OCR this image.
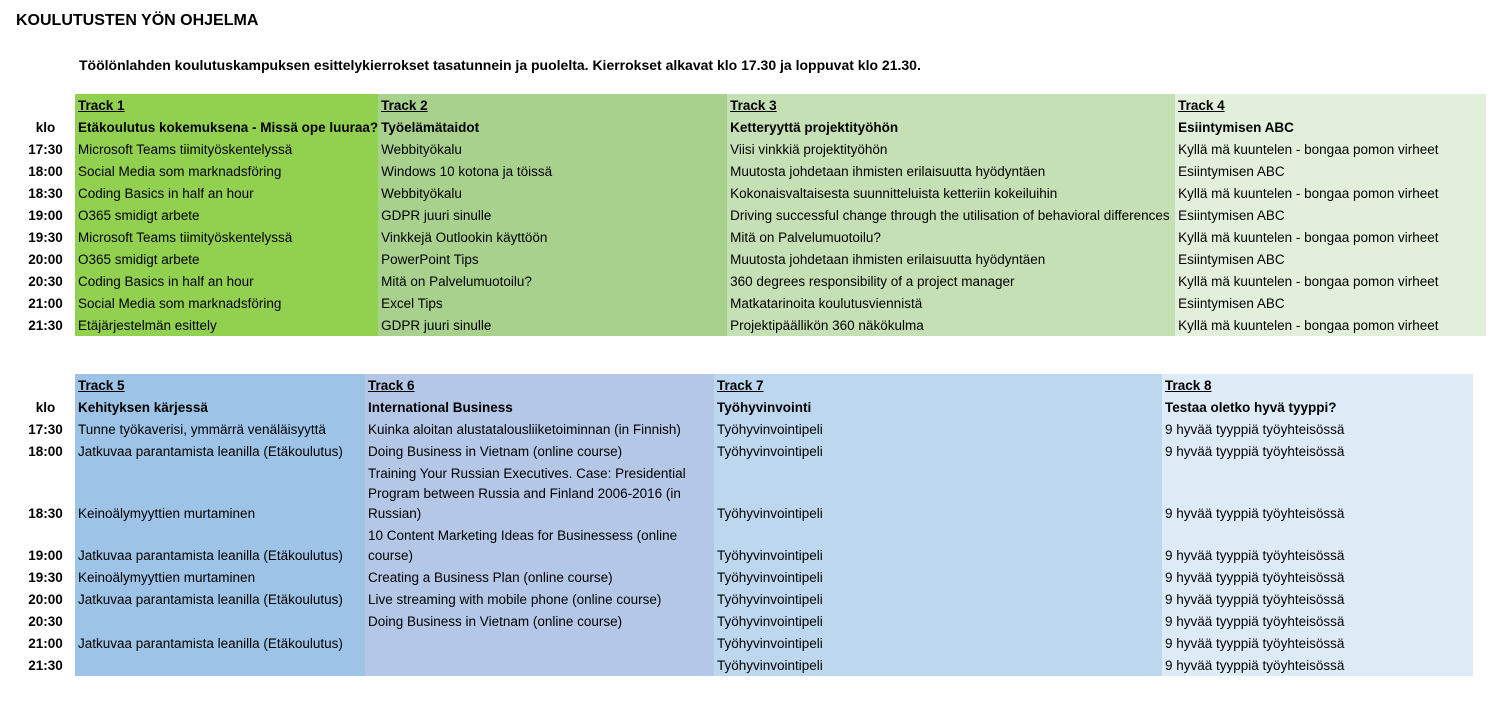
KOULUTUSTEN YÖN OHJELMA
Töölönlahden koulutuskampuksen esittelykierrokset tasatunnein ja puolelta. Kierrokset alkavat klo 17.30 ja loppuvat klo 21.30.
	Track 1	Track 2	Track 3	Track 4
klo	Etäkoulutus kokemuksena - Missä ope luuraa?	Työelämätaidot	Ketteryyttä projektityöhön	Esiintymisen ABC
17:30	Microsoft Teams tiimityöskentelyssä	Webbityökalu	Viisi vinkkiä projektityöhön	Kyllä mä kuuntelen - bongaa pomon virheet
18:00	Social Media som marknadsföring	Windows 10 kotona ja töissä	Muutosta johdetaan ihmisten erilaisuutta hyödyntäen	Esiintymisen ABC
18:30	Coding Basics in half an hour	Webbityökalu	Kokonaisvaltaisesta suunnitteluista ketteriin kokeiluihin	Kyllä mä kuuntelen - bongaa pomon virheet
19:00	O365 smidigt arbete	GDPR juuri sinulle	Driving successful change through the utilisation of behavioral differences	Esiintymisen ABC
19:30	Microsoft Teams tiimityöskentelyssä	Vinkkejä Outlookin käyttöön	Mitä on Palvelumuotoilu?	Kyllä mä kuuntelen - bongaa pomon virheet
20:00	O365 smidigt arbete	PowerPoint Tips	Muutosta johdetaan ihmisten erilaisuutta hyödyntäen	Esiintymisen ABC
20:30	Coding Basics in half an hour	Mitä on Palvelumuotoilu?	360 degrees responsibility of a project manager	Kyllä mä kuuntelen - bongaa pomon virheet
21:00	Social Media som marknadsföring	Excel Tips	Matkatarinoita koulutusviennistä	Esiintymisen ABC
21:30	Etäjärjestelmän esittely	GDPR juuri sinulle	Projektipäällikön 360 näkökulma	Kyllä mä kuuntelen - bongaa pomon virheet
	Track 5	Track 6	Track 7	Track 8
klo	Kehityksen kärjessä	International Business	Työhyvinvointi	Testaa oletko hyvä tyyppi?
17:30	Tunne työkaverisi, ymmärrä venäläisyyttä	Kuinka aloitan alustatalousliiketoiminnan (in Finnish)	Työhyvinvointipeli	9 hyvää tyyppiä työyhteisössä
18:00	Jatkuvaa parantamista leanilla (Etäkoulutus)	Doing Business in Vietnam (online course)	Työhyvinvointipeli	9 hyvää tyyppiä työyhteisössä
18:30	Keinoälymyyttien murtaminen	Training Your Russian Executives. Case: Presidential Program between Russia and Finland 2006-2016 (in Russian)	Työhyvinvointipeli	9 hyvää tyyppiä työyhteisössä
19:00	Jatkuvaa parantamista leanilla (Etäkoulutus)	10 Content Marketing Ideas for Businessess (online course)	Työhyvinvointipeli	9 hyvää tyyppiä työyhteisössä
19:30	Keinoälymyyttien murtaminen	Creating a Business Plan (online course)	Työhyvinvointipeli	9 hyvää tyyppiä työyhteisössä
20:00	Jatkuvaa parantamista leanilla (Etäkoulutus)	Live streaming with mobile phone (online course)	Työhyvinvointipeli	9 hyvää tyyppiä työyhteisössä
20:30		Doing Business in Vietnam (online course)	Työhyvinvointipeli	9 hyvää tyyppiä työyhteisössä
21:00	Jatkuvaa parantamista leanilla (Etäkoulutus)		Työhyvinvointipeli	9 hyvää tyyppiä työyhteisössä
21:30			Työhyvinvointipeli	9 hyvää tyyppiä työyhteisössä
